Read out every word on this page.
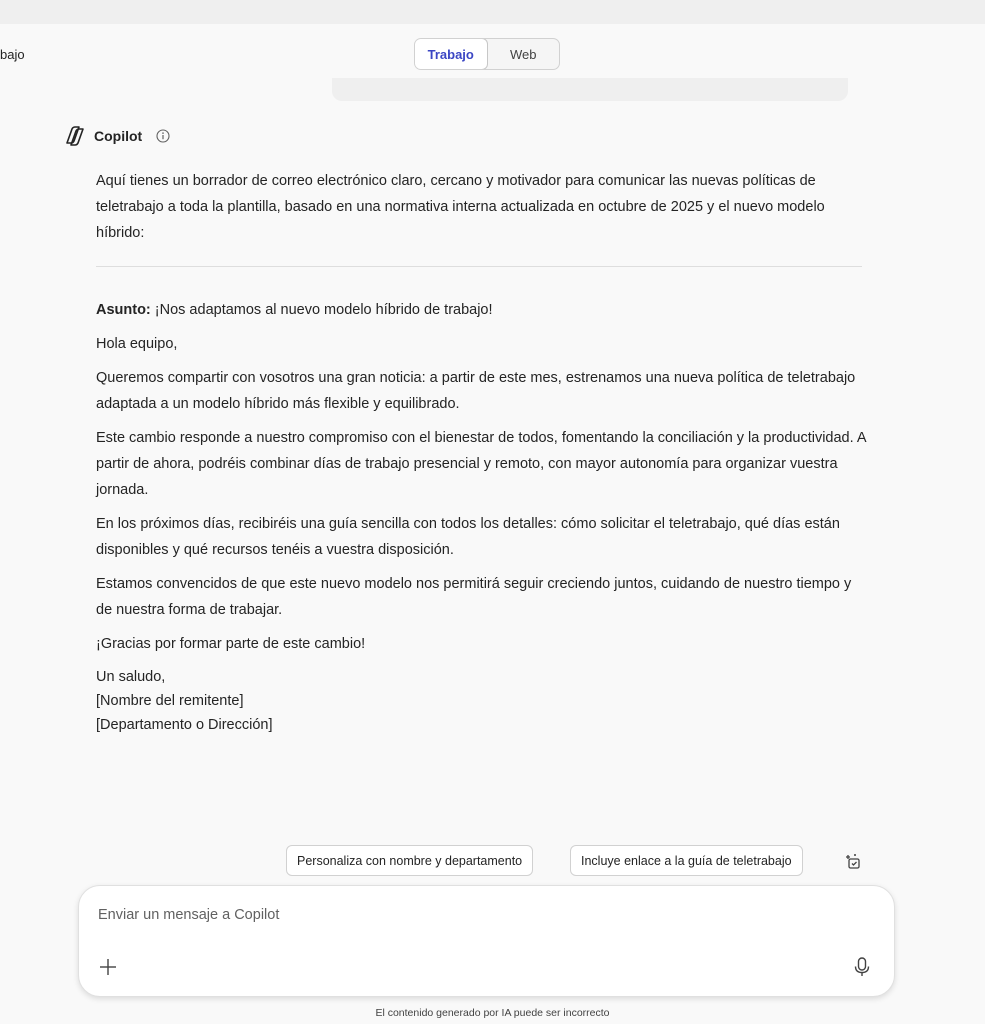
bajo	Trabajo	Web
Copilot

Aquí tienes un borrador de correo electrónico claro, cercano y motivador para comunicar las nuevas políticas de teletrabajo a toda la plantilla, basado en una normativa interna actualizada en octubre de 2025 y el nuevo modelo híbrido:

Asunto: ¡Nos adaptamos al nuevo modelo híbrido de trabajo!

Hola equipo,

Queremos compartir con vosotros una gran noticia: a partir de este mes, estrenamos una nueva política de teletrabajo adaptada a un modelo híbrido más flexible y equilibrado.

Este cambio responde a nuestro compromiso con el bienestar de todos, fomentando la conciliación y la productividad. A partir de ahora, podréis combinar días de trabajo presencial y remoto, con mayor autonomía para organizar vuestra jornada.

En los próximos días, recibiréis una guía sencilla con todos los detalles: cómo solicitar el teletrabajo, qué días están disponibles y qué recursos tenéis a vuestra disposición.

Estamos convencidos de que este nuevo modelo nos permitirá seguir creciendo juntos, cuidando de nuestro tiempo y de nuestra forma de trabajar.

¡Gracias por formar parte de este cambio!

Un saludo,
[Nombre del remitente]
[Departamento o Dirección]
Personaliza con nombre y departamento	Incluye enlace a la guía de teletrabajo
Enviar un mensaje a Copilot
El contenido generado por IA puede ser incorrecto
